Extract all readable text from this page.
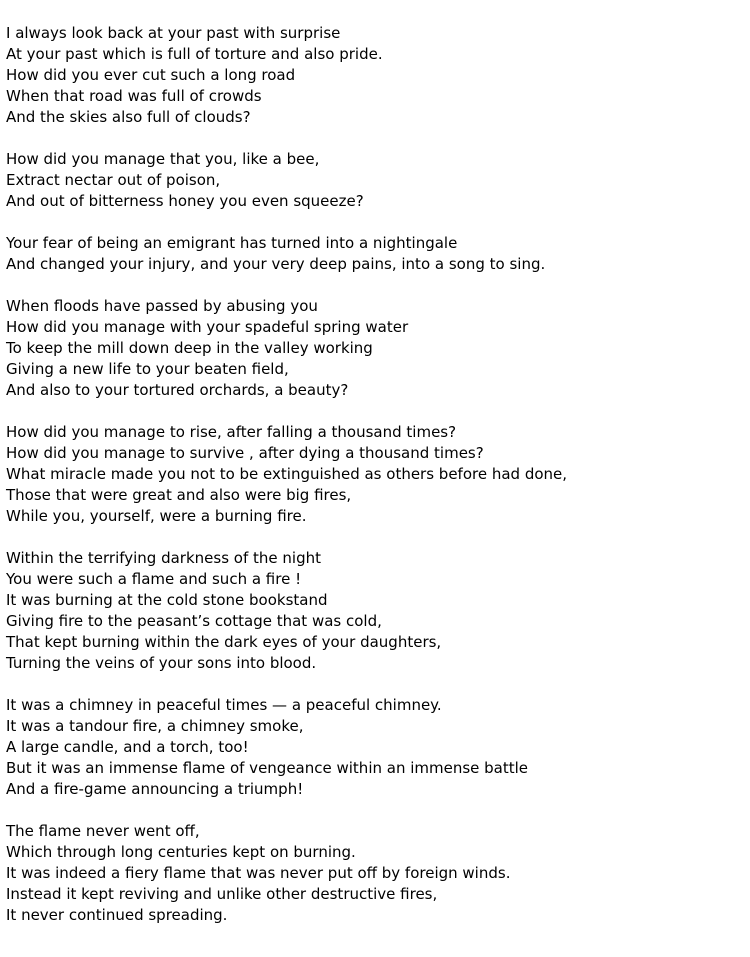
I always look back at your past with surprise
At your past which is full of torture and also pride.
How did you ever cut such a long road
When that road was full of crowds
And the skies also full of clouds?
How did you manage that you, like a bee,
Extract nectar out of poison,
And out of bitterness honey you even squeeze?
Your fear of being an emigrant has turned into a nightingale
And changed your injury, and your very deep pains, into a song to sing.
When floods have passed by abusing you
How did you manage with your spadeful spring water
To keep the mill down deep in the valley working
Giving a new life to your beaten field,
And also to your tortured orchards, a beauty?
How did you manage to rise, after falling a thousand times?
How did you manage to survive , after dying a thousand times?
What miracle made you not to be extinguished as others before had done,
Those that were great and also were big fires,
While you, yourself, were a burning fire.
Within the terrifying darkness of the night
You were such a flame and such a fire !
It was burning at the cold stone bookstand
Giving fire to the peasant’s cottage that was cold,
That kept burning within the dark eyes of your daughters,
Turning the veins of your sons into blood.
It was a chimney in peaceful times — a peaceful chimney.
It was a tandour fire, a chimney smoke,
A large candle, and a torch, too!
But it was an immense flame of vengeance within an immense battle
And a fire-game announcing a triumph!
The flame never went off,
Which through long centuries kept on burning.
It was indeed a fiery flame that was never put off by foreign winds.
Instead it kept reviving and unlike other destructive fires,
It never continued spreading.
